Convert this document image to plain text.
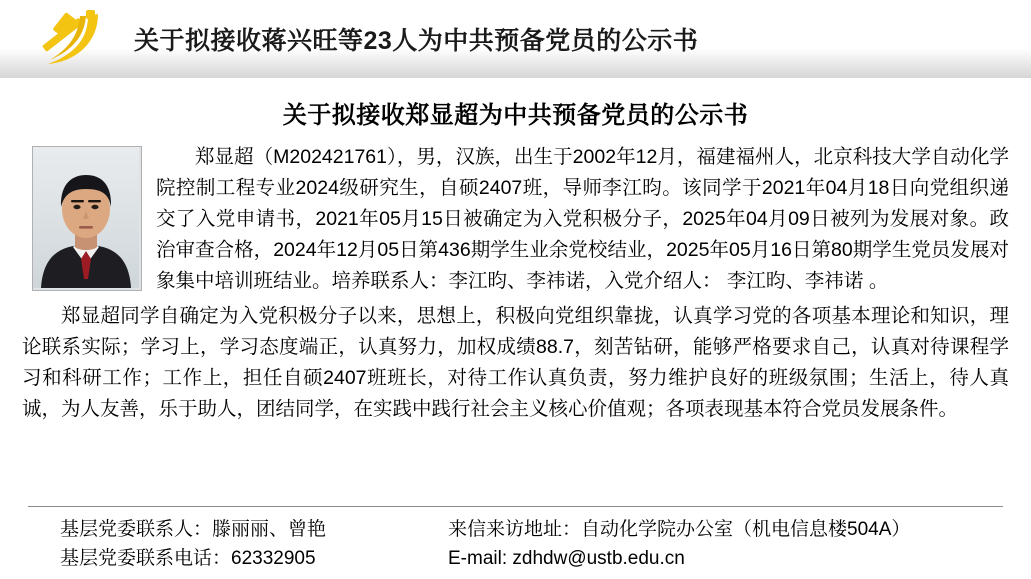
关于拟接收蒋兴旺等23人为中共预备党员的公示书
关于拟接收郑显超为中共预备党员的公示书

郑显超（M202421761），男，汉族，出生于2002年12月，福建福州人，北京科技大学自动化学院控制工程专业2024级研究生，自硕2407班，导师李江昀。该同学于2021年04月18日向党组织递交了入党申请书，2021年05月15日被确定为入党积极分子，2025年04月09日被列为发展对象。政治审查合格，2024年12月05日第436期学生业余党校结业，2025年05月16日第80期学生党员发展对象集中培训班结业。培养联系人：李江昀、李祎诺，入党介绍人： 李江昀、李祎诺 。

郑显超同学自确定为入党积极分子以来，思想上，积极向党组织靠拢，认真学习党的各项基本理论和知识，理论联系实际；学习上，学习态度端正，认真努力，加权成绩88.7，刻苦钻研，能够严格要求自己，认真对待课程学习和科研工作；工作上，担任自硕2407班班长，对待工作认真负责，努力维护良好的班级氛围；生活上，待人真诚，为人友善，乐于助人，团结同学，在实践中践行社会主义核心价值观；各项表现基本符合党员发展条件。

基层党委联系人：滕丽丽、曾艳
基层党委联系电话：62332905
来信来访地址：自动化学院办公室（机电信息楼504A）
E-mail: zdhdw@ustb.edu.cn
